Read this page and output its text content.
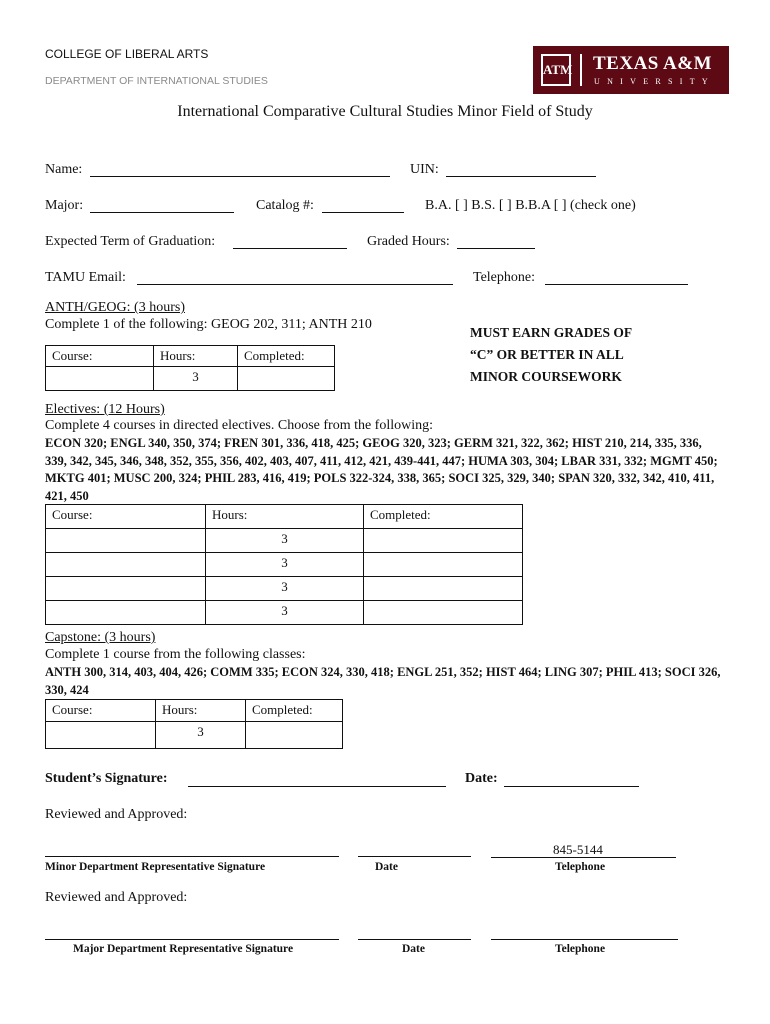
COLLEGE OF LIBERAL ARTS
DEPARTMENT OF INTERNATIONAL STUDIES
ATM TEXAS A&M
UNIVERSITY
International Comparative Cultural Studies Minor Field of Study
Name:	UIN:
Major:	Catalog #:	B.A. [ ] B.S. [ ] B.B.A [ ] (check one)
Expected Term of Graduation:	Graded Hours:
TAMU Email:	Telephone:
ANTH/GEOG: (3 hours)
Complete 1 of the following: GEOG 202, 311; ANTH 210
Course:	Hours:	Completed:
	3	
MUST EARN GRADES OF
“C” OR BETTER IN ALL
MINOR COURSEWORK
Electives: (12 Hours)
Complete 4 courses in directed electives. Choose from the following:
ECON 320; ENGL 340, 350, 374; FREN 301, 336, 418, 425; GEOG 320, 323; GERM 321, 322, 362; HIST 210, 214, 335, 336, 339, 342, 345, 346, 348, 352, 355, 356, 402, 403, 407, 411, 412, 421, 439-441, 447; HUMA 303, 304; LBAR 331, 332; MGMT 450; MKTG 401; MUSC 200, 324; PHIL 283, 416, 419; POLS 322-324, 338, 365; SOCI 325, 329, 340; SPAN 320, 332, 342, 410, 411, 421, 450
Course:	Hours:	Completed:
	3	
	3	
	3	
	3	
Capstone: (3 hours)
Complete 1 course from the following classes:
ANTH 300, 314, 403, 404, 426; COMM 335; ECON 324, 330, 418; ENGL 251, 352; HIST 464; LING 307; PHIL 413; SOCI 326, 330, 424
Course:	Hours:	Completed:
	3	
Student’s Signature:	Date:
Reviewed and Approved:
Minor Department Representative Signature	Date
845-5144
Telephone
Reviewed and Approved:
Major Department Representative Signature	Date	Telephone
